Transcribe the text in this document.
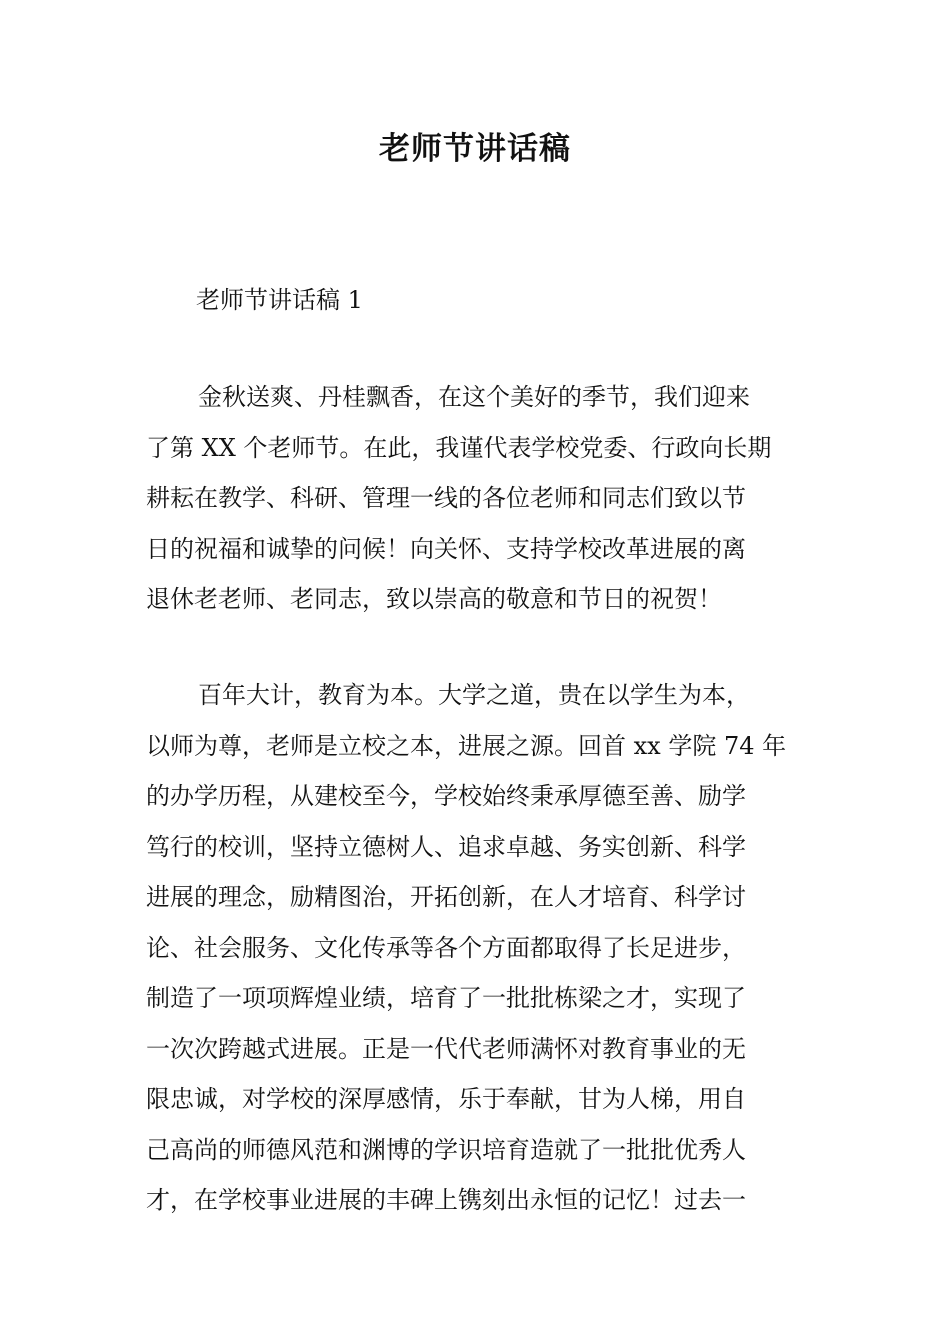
老师节讲话稿
老师节讲话稿 1
金秋送爽、丹桂飘香，在这个美好的季节，我们迎来
了第 XX 个老师节。在此，我谨代表学校党委、行政向长期
耕耘在教学、科研、管理一线的各位老师和同志们致以节
日的祝福和诚挚的问候！向关怀、支持学校改革进展的离
退休老老师、老同志，致以崇高的敬意和节日的祝贺！
百年大计，教育为本。大学之道，贵在以学生为本，
以师为尊，老师是立校之本，进展之源。回首 xx 学院 74 年
的办学历程，从建校至今，学校始终秉承厚德至善、励学
笃行的校训，坚持立德树人、追求卓越、务实创新、科学
进展的理念，励精图治，开拓创新，在人才培育、科学讨
论、社会服务、文化传承等各个方面都取得了长足进步，
制造了一项项辉煌业绩，培育了一批批栋梁之才，实现了
一次次跨越式进展。正是一代代老师满怀对教育事业的无
限忠诚，对学校的深厚感情，乐于奉献，甘为人梯，用自
己高尚的师德风范和渊博的学识培育造就了一批批优秀人
才，在学校事业进展的丰碑上镌刻出永恒的记忆！过去一
